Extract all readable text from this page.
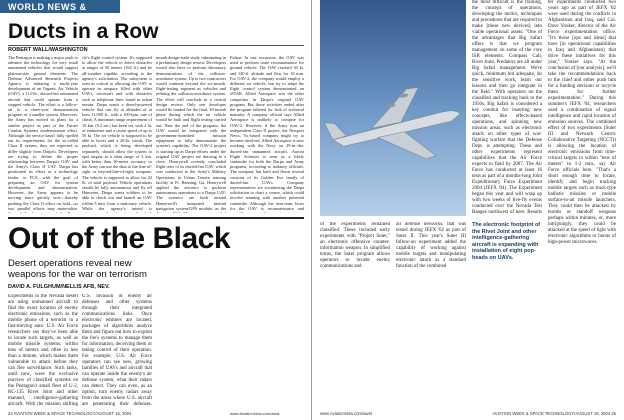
WORLD NEWS & ANALYSIS
Ducts in a Row
ROBERT WALL/WASHINGTON
The Pentagon is making a major push to advance the technology for very small unmanned vehicles that would support platoon-size ground elements. The Defense Advanced Research Projects Agency is initiating a multi-year development of an Organic Air Vehicle (OAV), a 112-lb., ducted-fan unmanned aircraft that could operate from a stopped vehicle. The effort is a follow-on to a three-year demonstration program of a smaller system. Moreover, the Army has moved its plans for a similar project as part of the Future Combat Systems modernization effort. Although the service hasn't fully spelled out its requirements for the so-called Class II system, they are expected to differ slightly from Darpa's. Developers are trying to define the proper relationship between Darpa's OAV and the Army's Class II UAV. Darpa has positioned its effort as a technology feeder to FCS, with the goal of preparing an OAV for system development and demonstration. However, the Army appears to be moving more quickly now—thereby pushing the Class II effort on hold—as two parallel efforts may materialize.
cle's flight control system. It's supposed to allow the vehicle to detect obstacles at ranges of 50 meters (164 ft.) and be all-weather capable, according to the agency's solicitation. The subsystem is seen as critical to allowing the OAV to operate in airspace filled with other UAVs, rotorcraft and with obstacles such as telephone lines found in urban terrain. Darpa wants a diesel-powered vehicle that can fly at altitudes of at least 11,000 ft., with a 100-fpm. rate of climb. A minimum range requirement of 10 km. (6.2 mi.) has been set, with 2 hr. of endurance and a cruise speed of up to 50 kt. The air vehicle is supposed to be able to hover and a 20-kt. winds. The payload, which is being developed separately, should allow the system to spot targets at a slant range of 3 km. with better than 10-meter accuracy so the Army can use the data to fire line-of-sight or beyond-line-of-sight weapons. The vehicle is supposed to allow for 22 lb. of total payload. Vehicle operations should be fully autonomous and fly off Humvees. Darpa wants soldiers to be able to check out and launch an OAV within 5 min. from a stationary vehicle. While the agency's intend is
month design-trade study culminating in a preliminary design review. Developers would also have to perform laboratory demonstrations of the collision-avoidance system. Up to two contractors would continue beyond the six-month, flight-testing segment as vehicles and refining the collision-avoidance system. The effort will conclude in a critical design review. Only one developer would be funded for the final, 30-month phase during which the air vehicle would be built and flight testing carried out. Near the end of the program, the OAV would be integrated with the government-furnished mission equipment to fully demonstrate the system's capability. The OAV-2 project is starting up as Darpa efforts under the original OAV project are drawing to a close. Honeywell recently concluded flight tests of its ducted-fan UAV, which was conducted at the Army's Military Operations in Urban Terrain training facility at Ft. Benning, Ga. Honeywell applied the avionics to perform autonomous operations to a Darpa UAV. The avionics are built around Honeywell's integrated inertial navigation system/GPS module, as the
Fulton. In one excursion, the OAV was used to perform route reconnaissance for ground vehicle. The OAV reached 30 kt. and 120-ft. altitude and flew for 18 min. For OAV-2, the company would employ a different air vehicle, but try to adapt the flight control system demonstrated on iSTAR. Allied Aerospace was the other competitor in Darpa's original OAV program. But those activities ended after the program faltered for lack of technical maturity. A company official says Allied Aerospace is unlikely to compete for OAV-2. However, if the Army runs an independent Class II project, the Newport News, Va.-based company might try to become involved. Allied Aerospace is now working with the Navy on 29-in.-dia. ducted-fan unmanned aircraft. Aurora Flight Sciences is seen as a likely contender for both the Darpa and Army programs, according to industry officials. The company has built and flown several versions of its Golden Eye family of ducted-fan UAVs. Company representatives are scrutinizing the Darpa solicitation to chart a course, which could involve teaming with another potential contender. Although the near-term focus for the OAV is reconnaissance and
Out of the Black
Desert operations reveal new weapons for the war on terrorism
DAVID A. FULGHUM/NELLIS AFB, NEV.
Experiments in the Nevada desert are using unmanned aircraft to find the exact location of enemy electronic emissions, such as the mobile phone of a terrorist in a fast-moving auto. U.S. Air Force researchers say they've been able to locate such targets, as well as mobile missile systems, within tens of meters and often in less than a minute, which makes them vulnerable to attack before they can flee surveillance. Such tasks, until now, were the exclusive purview of classified systems on the Pentagon's small fleet of U-2, RC-135 Rivet Joint and other manned, intelligence-gathering aircraft. With the mission shifting
U.S. invasion of enemy air defenses and other systems through their integrated communications links. Once electronic emitters are located, packages of algorithms analyze them and figure out how to exploit the foe's systems to manage them for information, deceiving them or taking control of their operation. For example, U.S. Air Force operators can see new, growing families of UAVs and aircraft that can operate inside the enemy's air defense system, what their radars can detect. They can even, as an option, turn enemy radars away from the areas where U.S. aircraft are penetrating their defenses.
24 AVIATION WEEK & SPACE TECHNOLOGY/AUGUST 16, 2004	www.AviationNow.com/awst
the most difficult is the training, the concept of operations, developing the tactics, techniques and procedures that are required to make [these new devices] into viable operational assets. "One of the advantages that Big Safari offers is that we program management on some of the core ISR elements. Compass Call, Rivet Joint, Predators are all under Big Safari management. We're quick, minimum bid adequate, do the sensitive work, learn our lessons and then go integrate in the field." With operators on the classified and tracking back to the 1950s, Big Safari is considered a key conduit for inserting new concepts, like effects-based operations, and spinning new mission areas, such as electronic attack on other types of war-fighting warfare that the Defense Dept. is attempting. These and other experiments represent capabilities that the Air Force expects to field by 2007. The Air Force has conducted at least 16 tests as part of a months-long Joint Expeditionary Force Experiment 2004 (JEFX '04). The Experiment began this year and will wrap up with two weeks of live-fly events conducted over the Nevada Test Ranges northwest of here. Results
of the experiments remained classified. These included early experiments with "Project Suter," an electronic offensive counter-information weapon. In simplified terms, the Suter program allows operators to invade enemy communications and
air defense networks, that was tested during JEFX '02 as part of Suter II. This year's Suter III follow-on experiment added the capability of working against mobile targets and manipulating electronic attack as a standard function of the combined
ter experiments conducted two years ago as part of JEFX '02 were used during the conflicts in Afghanistan and Iraq, said Col. Dave Youker, director of the Air Force experimentation office. "It's those [ops and ideas] that have [in operational capabilities in Iraq and Afghanistan] that drive these initiatives for this year," Youker says. "At the conclusion of [our analysis], we'll take the recommendations back to the chief and either push him for a funding decision or recycle them for further experimentation." During this summer's JEFX '04, researchers used a combination of signal intelligence and rapid location of emission sources. The combined effect of two experiments (Suter III and Network Centric Collaborative Targeting (NCCT)) is allowing the location of electronic emissions from time-critical targets to within "tens of meters" in 1-2 min., say Air Force officials here. "That's a short enough time to locate, identify and begin tracking mobile targets such as truck-type ballistic missiles or mobile surface-to-air missile launchers. They could then be attacked by bombs or standoff weapons perhaps within minutes, or, more intriguingly, they could be attacked at the speed of light with electronic algorithms or bursts of high-power microwaves.
The electronic footprint of the Rivet Joint and other intelligence-gathering aircraft is expanding with installation of eight pop-heads on UAVs.
www.AviationNow.com/awst	AVIATION WEEK & SPACE TECHNOLOGY/AUGUST 16, 2004 25
